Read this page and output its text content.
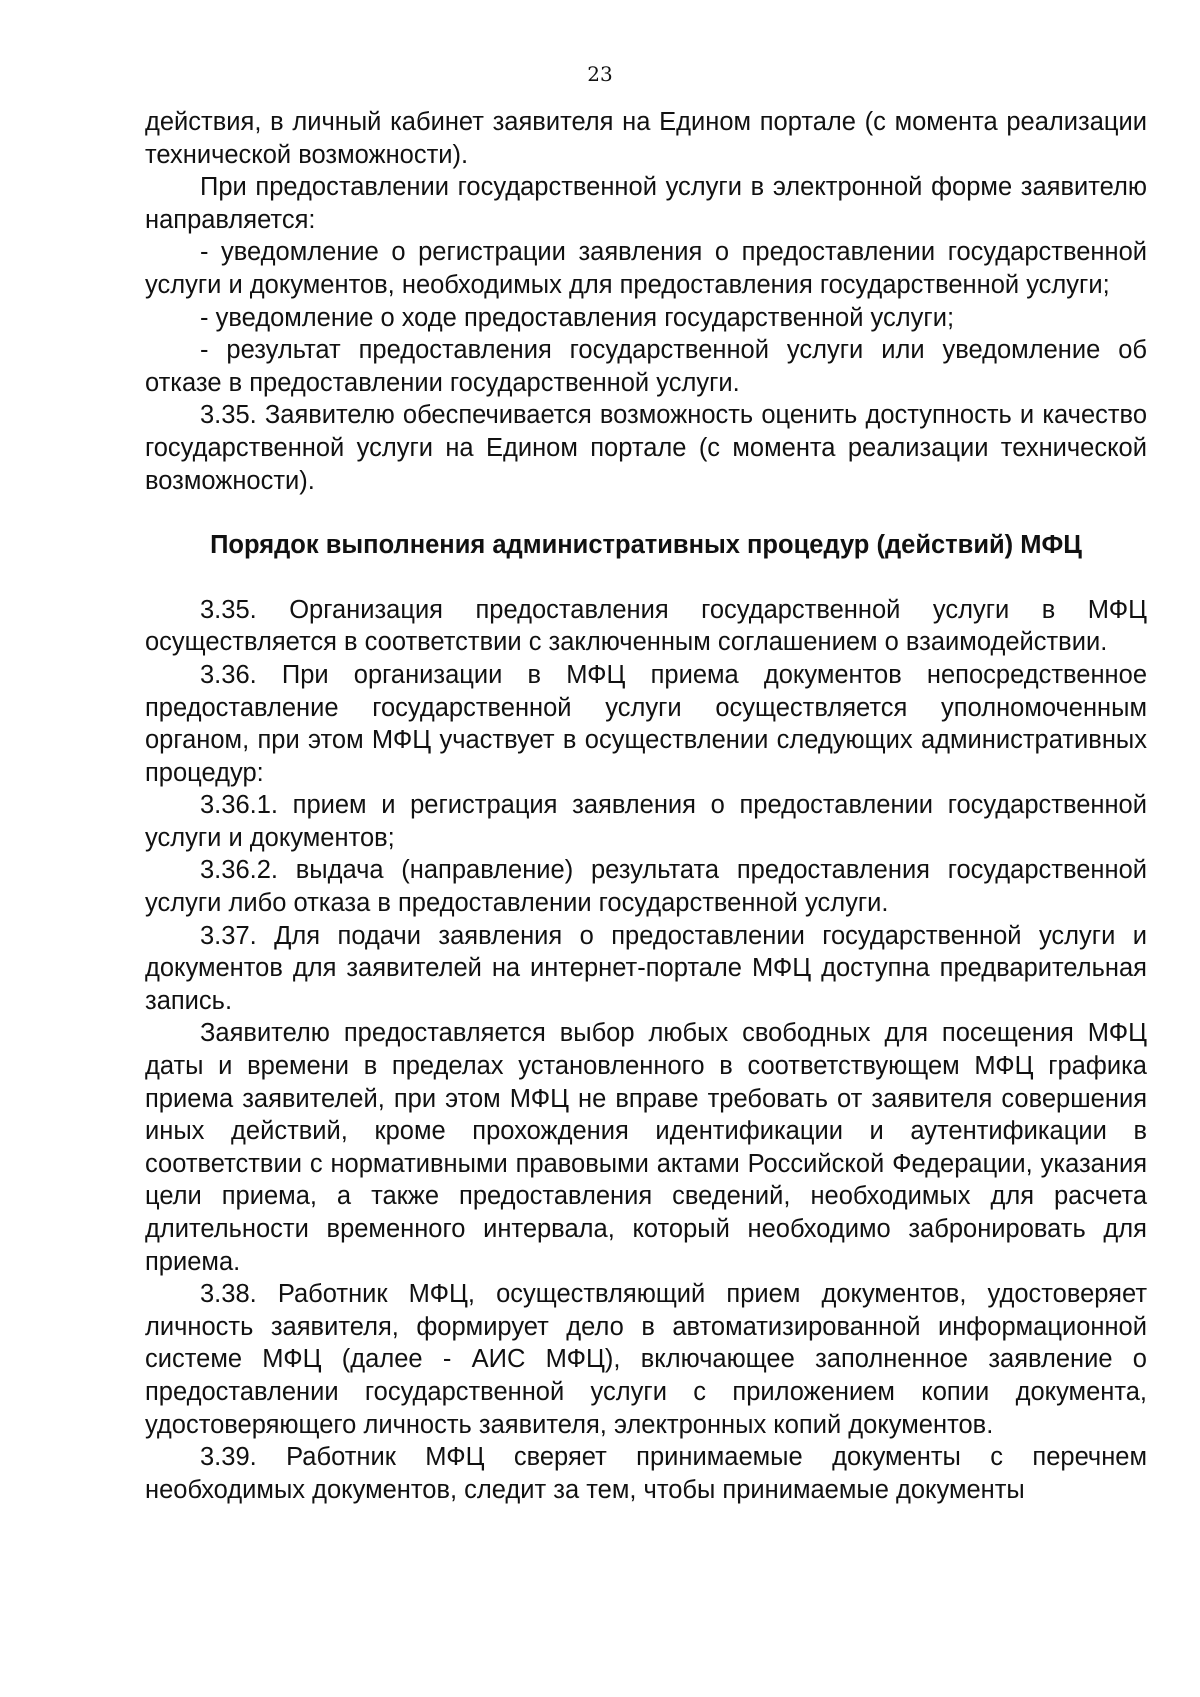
23

действия, в личный кабинет заявителя на Едином портале (с момента реализации технической возможности).

При предоставлении государственной услуги в электронной форме заявителю направляется:

- уведомление о регистрации заявления о предоставлении государственной услуги и документов, необходимых для предоставления государственной услуги;

- уведомление о ходе предоставления государственной услуги;

- результат предоставления государственной услуги или уведомление об отказе в предоставлении государственной услуги.

3.35. Заявителю обеспечивается возможность оценить доступность и качество государственной услуги на Едином портале (с момента реализации технической возможности).

Порядок выполнения административных процедур (действий) МФЦ

3.35. Организация предоставления государственной услуги в МФЦ осуществляется в соответствии с заключенным соглашением о взаимодействии.

3.36. При организации в МФЦ приема документов непосредственное предоставление государственной услуги осуществляется уполномоченным органом, при этом МФЦ участвует в осуществлении следующих административных процедур:

3.36.1. прием и регистрация заявления о предоставлении государственной услуги и документов;

3.36.2. выдача (направление) результата предоставления государственной услуги либо отказа в предоставлении государственной услуги.

3.37. Для подачи заявления о предоставлении государственной услуги и документов для заявителей на интернет-портале МФЦ доступна предварительная запись.

Заявителю предоставляется выбор любых свободных для посещения МФЦ даты и времени в пределах установленного в соответствующем МФЦ графика приема заявителей, при этом МФЦ не вправе требовать от заявителя совершения иных действий, кроме прохождения идентификации и аутентификации в соответствии с нормативными правовыми актами Российской Федерации, указания цели приема, а также предоставления сведений, необходимых для расчета длительности временного интервала, который необходимо забронировать для приема.

3.38. Работник МФЦ, осуществляющий прием документов, удостоверяет личность заявителя, формирует дело в автоматизированной информационной системе МФЦ (далее - АИС МФЦ), включающее заполненное заявление о предоставлении государственной услуги с приложением копии документа, удостоверяющего личность заявителя, электронных копий документов.

3.39. Работник МФЦ сверяет принимаемые документы с перечнем необходимых документов, следит за тем, чтобы принимаемые документы
